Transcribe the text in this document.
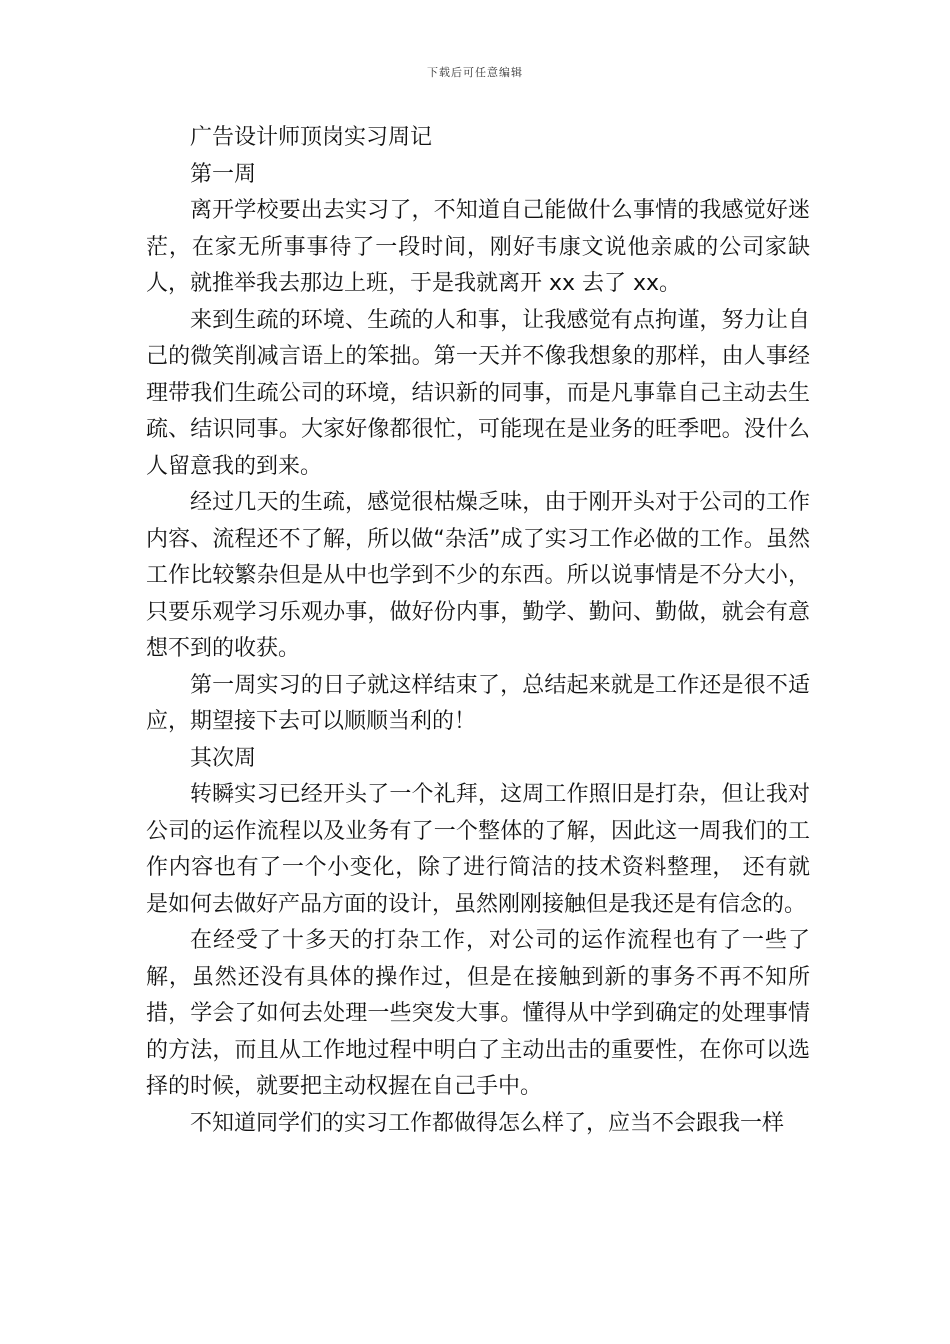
下载后可任意编辑

广告设计师顶岗实习周记

第一周

离开学校要出去实习了，不知道自己能做什么事情的我感觉好迷茫，在家无所事事待了一段时间，刚好韦康文说他亲戚的公司家缺人，就推举我去那边上班，于是我就离开 xx 去了 xx。

来到生疏的环境、生疏的人和事，让我感觉有点拘谨，努力让自己的微笑削减言语上的笨拙。第一天并不像我想象的那样，由人事经理带我们生疏公司的环境，结识新的同事，而是凡事靠自己主动去生疏、结识同事。大家好像都很忙，可能现在是业务的旺季吧。没什么人留意我的到来。

经过几天的生疏，感觉很枯燥乏味，由于刚开头对于公司的工作内容、流程还不了解，所以做“杂活”成了实习工作必做的工作。虽然工作比较繁杂但是从中也学到不少的东西。所以说事情是不分大小，只要乐观学习乐观办事，做好份内事，勤学、勤问、勤做，就会有意想不到的收获。

第一周实习的日子就这样结束了，总结起来就是工作还是很不适应，期望接下去可以顺顺当利的！

其次周

转瞬实习已经开头了一个礼拜，这周工作照旧是打杂，但让我对公司的运作流程以及业务有了一个整体的了解，因此这一周我们的工作内容也有了一个小变化，除了进行简洁的技术资料整理， 还有就是如何去做好产品方面的设计，虽然刚刚接触但是我还是有信念的。

在经受了十多天的打杂工作，对公司的运作流程也有了一些了解，虽然还没有具体的操作过，但是在接触到新的事务不再不知所措，学会了如何去处理一些突发大事。懂得从中学到确定的处理事情的方法，而且从工作地过程中明白了主动出击的重要性，在你可以选择的时候，就要把主动权握在自己手中。

不知道同学们的实习工作都做得怎么样了，应当不会跟我一样
